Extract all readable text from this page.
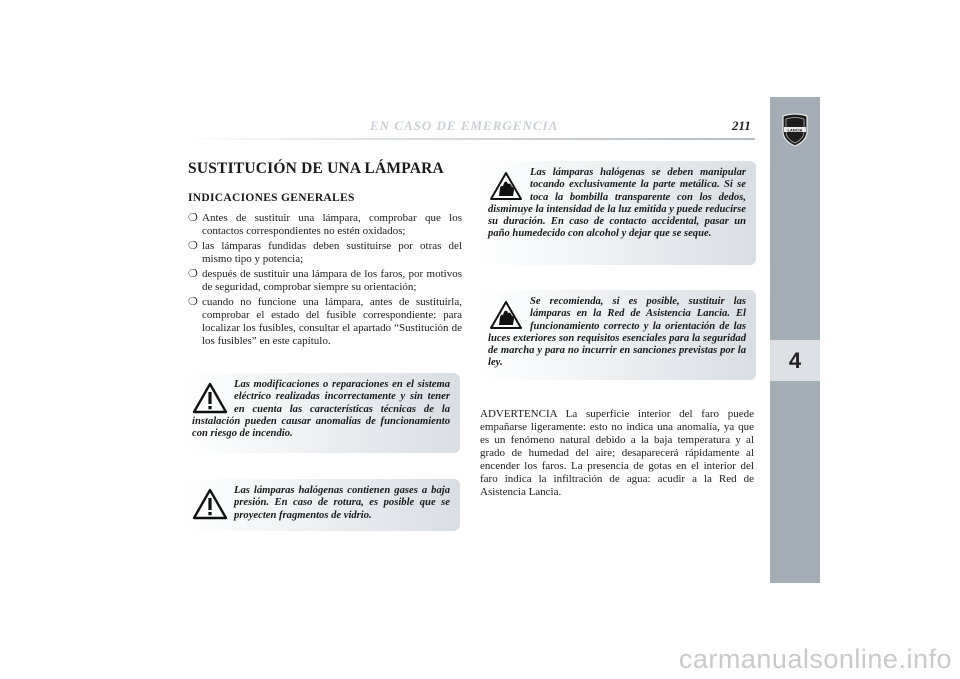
EN CASO DE EMERGENCIA	211
4
LANCIA
SUSTITUCIÓN DE UNA LÁMPARA
INDICACIONES GENERALES
❍ Antes de sustituir una lámpara, comprobar que los contactos correspondientes no estén oxidados;
❍ las lámparas fundidas deben sustituirse por otras del mismo tipo y potencia;
❍ después de sustituir una lámpara de los faros, por motivos de seguridad, comprobar siempre su orientación;
❍ cuando no funcione una lámpara, antes de sustituirla, comprobar el estado del fusible correspondiente: para localizar los fusibles, consultar el apartado “Sustitución de los fusibles” en este capítulo.
Las modificaciones o reparaciones en el sistema eléctrico realizadas incorrectamente y sin tener en cuenta las características técnicas de la instalación pueden causar anomalías de funcionamiento con riesgo de incendio.
Las lámparas halógenas contienen gases a baja presión. En caso de rotura, es posible que se proyecten fragmentos de vidrio.
Las lámparas halógenas se deben manipular tocando exclusivamente la parte metálica. Si se toca la bombilla transparente con los dedos, disminuye la intensidad de la luz emitida y puede reducirse su duración. En caso de contacto accidental, pasar un paño humedecido con alcohol y dejar que se seque.
Se recomienda, si es posible, sustituir las lámparas en la Red de Asistencia Lancia. El funcionamiento correcto y la orientación de las luces exteriores son requisitos esenciales para la seguridad de marcha y para no incurrir en sanciones previstas por la ley.

ADVERTENCIA La superficie interior del faro puede empañarse ligeramente: esto no indica una anomalía, ya que es un fenómeno natural debido a la baja temperatura y al grado de humedad del aire; desaparecerá rápidamente al encender los faros. La presencia de gotas en el interior del faro indica la infiltración de agua: acudir a la Red de Asistencia Lancia.

carmanualsonline.info
